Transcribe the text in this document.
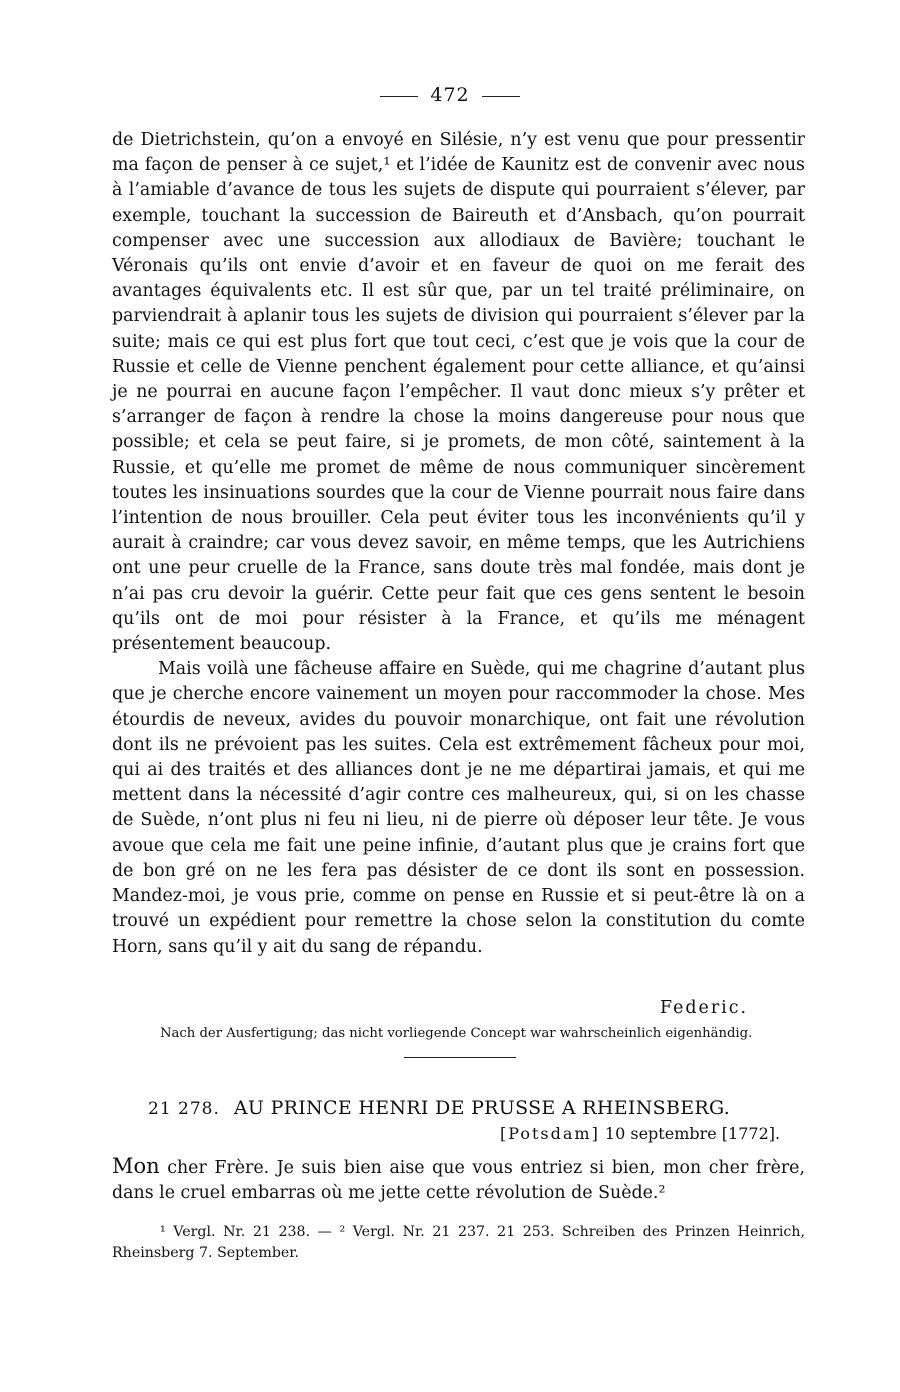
472

de Dietrichstein, qu’on a envoyé en Silésie, n’y est venu que pour pressentir ma façon de penser à ce sujet,¹ et l’idée de Kaunitz est de convenir avec nous à l’amiable d’avance de tous les sujets de dispute qui pourraient s’élever, par exemple, touchant la succession de Baireuth et d’Ansbach, qu’on pourrait compenser avec une succession aux allodiaux de Bavière; touchant le Véronais qu’ils ont envie d’avoir et en faveur de quoi on me ferait des avantages équivalents etc. Il est sûr que, par un tel traité préliminaire, on parviendrait à aplanir tous les sujets de division qui pourraient s’élever par la suite; mais ce qui est plus fort que tout ceci, c’est que je vois que la cour de Russie et celle de Vienne penchent également pour cette alliance, et qu’ainsi je ne pourrai en aucune façon l’empêcher. Il vaut donc mieux s’y prêter et s’arranger de façon à rendre la chose la moins dangereuse pour nous que possible; et cela se peut faire, si je promets, de mon côté, saintement à la Russie, et qu’elle me promet de même de nous communiquer sincèrement toutes les insinuations sourdes que la cour de Vienne pourrait nous faire dans l’intention de nous brouiller. Cela peut éviter tous les inconvénients qu’il y aurait à craindre; car vous devez savoir, en même temps, que les Autrichiens ont une peur cruelle de la France, sans doute très mal fondée, mais dont je n’ai pas cru devoir la guérir. Cette peur fait que ces gens sentent le besoin qu’ils ont de moi pour résister à la France, et qu’ils me ménagent présentement beaucoup.

Mais voilà une fâcheuse affaire en Suède, qui me chagrine d’autant plus que je cherche encore vainement un moyen pour raccommoder la chose. Mes étourdis de neveux, avides du pouvoir monarchique, ont fait une révolution dont ils ne prévoient pas les suites. Cela est extrêmement fâcheux pour moi, qui ai des traités et des alliances dont je ne me départirai jamais, et qui me mettent dans la nécessité d’agir contre ces malheureux, qui, si on les chasse de Suède, n’ont plus ni feu ni lieu, ni de pierre où déposer leur tête. Je vous avoue que cela me fait une peine infinie, d’autant plus que je crains fort que de bon gré on ne les fera pas désister de ce dont ils sont en possession. Mandez-moi, je vous prie, comme on pense en Russie et si peut-être là on a trouvé un expédient pour remettre la chose selon la constitution du comte Horn, sans qu’il y ait du sang de répandu.

Federic.
Nach der Ausfertigung; das nicht vorliegende Concept war wahrscheinlich eigenhändig.
21 278. AU PRINCE HENRI DE PRUSSE A RHEINSBERG.
[Potsdam] 10 septembre [1772].
Mon cher Frère. Je suis bien aise que vous entriez si bien, mon cher frère, dans le cruel embarras où me jette cette révolution de Suède.²
¹ Vergl. Nr. 21 238. — ² Vergl. Nr. 21 237. 21 253. Schreiben des Prinzen Heinrich, Rheinsberg 7. September.
